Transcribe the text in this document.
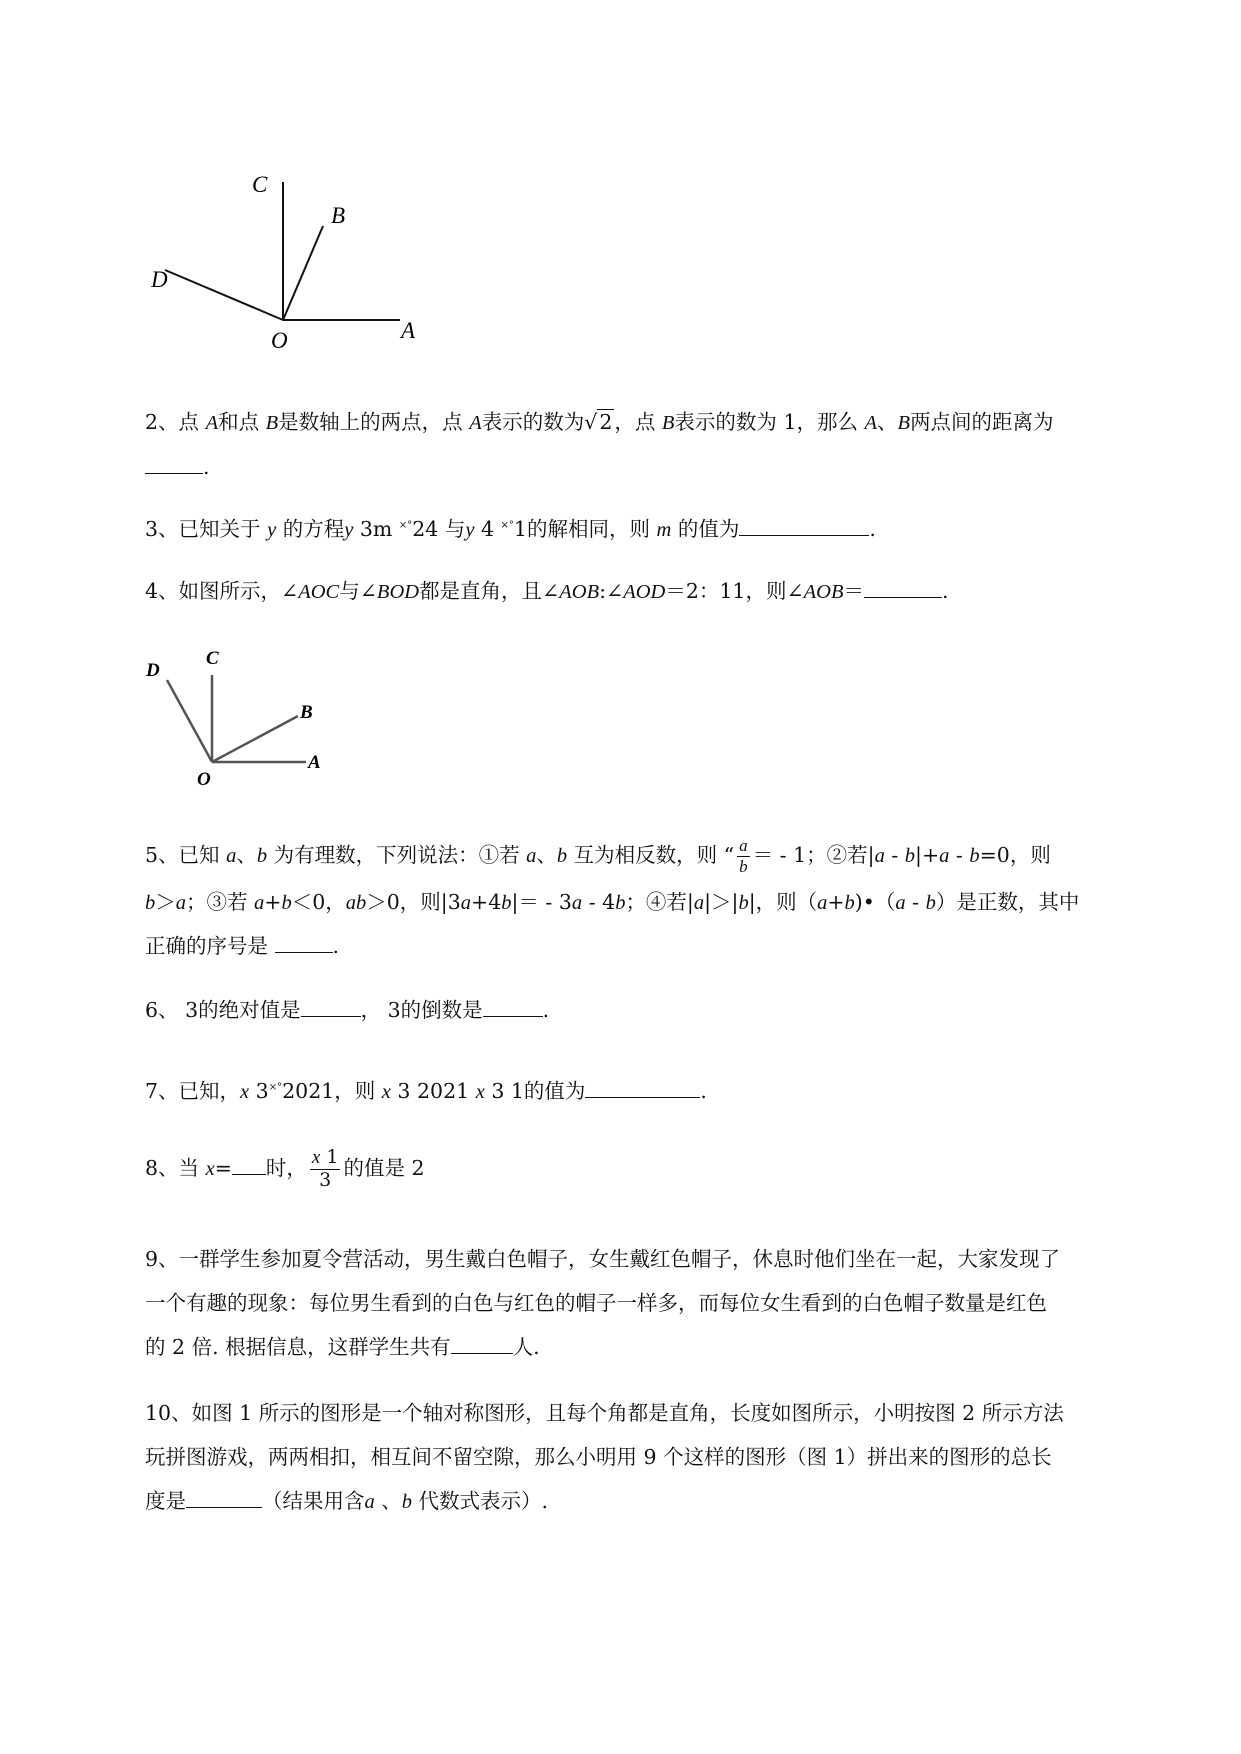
C
B
D
O	A
2、点 A和点 B是数轴上的两点，点 A表示的数为√2，点 B表示的数为 1，那么 A、B两点间的距离为
.
3、已知关于 y 的方程y 3m ×°24 与y 4 ×°1的解相同，则 m 的值为	.
4、如图所示，∠AOC与∠BOD都是直角，且∠AOB:∠AOD＝2：11，则∠AOB＝	.
D
C
B
O
A
5、已知 a、b 为有理数，下列说法：①若 a、b 互为相反数，则 “ $\frac{a}{b}$ ＝ - 1；②若|a - b|+a - b=0，则
b＞a；③若 a+b＜0，ab＞0，则|3a+4b|＝ - 3a - 4b；④若|a|＞|b|，则（a+b)•（a - b）是正数，其中
正确的序号是	.
6、 3的绝对值是	， 3的倒数是	.
7、已知，x 3×°2021，则 x 3 2021 x 3 1的值为	.
8、当 x= 时， $\frac{x 1}{3}$ 的值是 2
9、一群学生参加夏令营活动，男生戴白色帽子，女生戴红色帽子，休息时他们坐在一起，大家发现了
一个有趣的现象：每位男生看到的白色与红色的帽子一样多，而每位女生看到的白色帽子数量是红色
的 2 倍. 根据信息，这群学生共有	人.
10、如图 1 所示的图形是一个轴对称图形，且每个角都是直角，长度如图所示，小明按图 2 所示方法
玩拼图游戏，两两相扣，相互间不留空隙，那么小明用 9 个这样的图形（图 1）拼出来的图形的总长
度是	（结果用含a 、b 代数式表示）.
